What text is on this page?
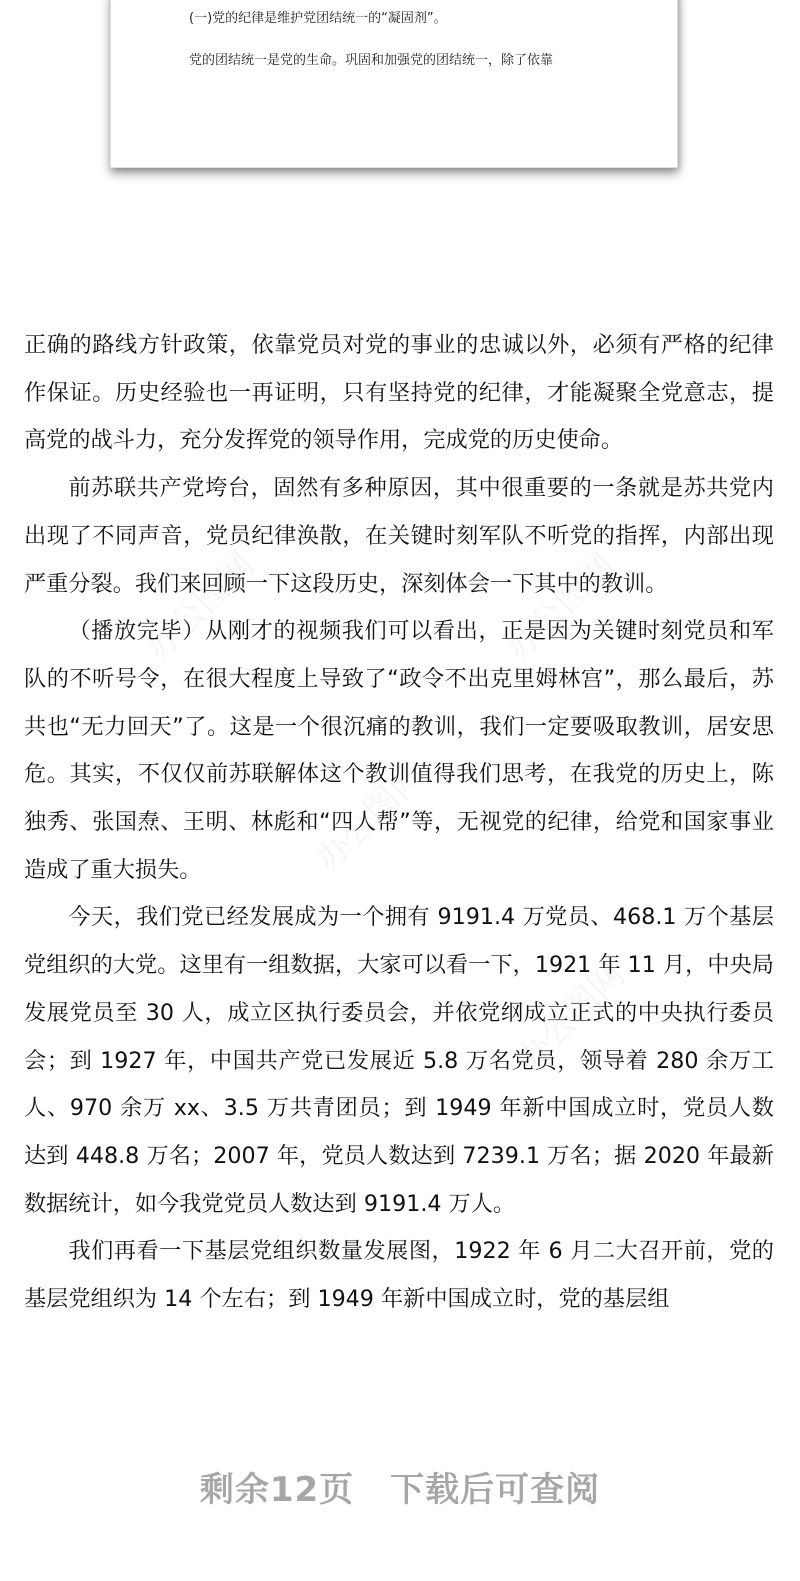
(一)党的纪律是维护党团结统一的“凝固剂”。
党的团结统一是党的生命。巩固和加强党的团结统一，除了依靠

正确的路线方针政策，依靠党员对党的事业的忠诚以外，必须有严格的纪律作保证。历史经验也一再证明，只有坚持党的纪律，才能凝聚全党意志，提高党的战斗力，充分发挥党的领导作用，完成党的历史使命。

前苏联共产党垮台，固然有多种原因，其中很重要的一条就是苏共党内出现了不同声音，党员纪律涣散，在关键时刻军队不听党的指挥，内部出现严重分裂。我们来回顾一下这段历史，深刻体会一下其中的教训。

（播放完毕）从刚才的视频我们可以看出，正是因为关键时刻党员和军队的不听号令，在很大程度上导致了“政令不出克里姆林宫”，那么最后，苏共也“无力回天”了。这是一个很沉痛的教训，我们一定要吸取教训，居安思危。其实，不仅仅前苏联解体这个教训值得我们思考，在我党的历史上，陈独秀、张国焘、王明、林彪和“四人帮”等，无视党的纪律，给党和国家事业造成了重大损失。

今天，我们党已经发展成为一个拥有 9191.4 万党员、468.1 万个基层党组织的大党。这里有一组数据，大家可以看一下，1921 年 11 月，中央局发展党员至 30 人，成立区执行委员会，并依党纲成立正式的中央执行委员会；到 1927 年，中国共产党已发展近 5.8 万名党员，领导着 280 余万工人、970 余万 xx、3.5 万共青团员；到 1949 年新中国成立时，党员人数达到 448.8 万名；2007 年，党员人数达到 7239.1 万名；据 2020 年最新数据统计，如今我党党员人数达到 9191.4 万人。

我们再看一下基层党组织数量发展图，1922 年 6 月二大召开前，党的基层党组织为 14 个左右；到 1949 年新中国成立时，党的基层组

剩余12页 下载后可查阅
